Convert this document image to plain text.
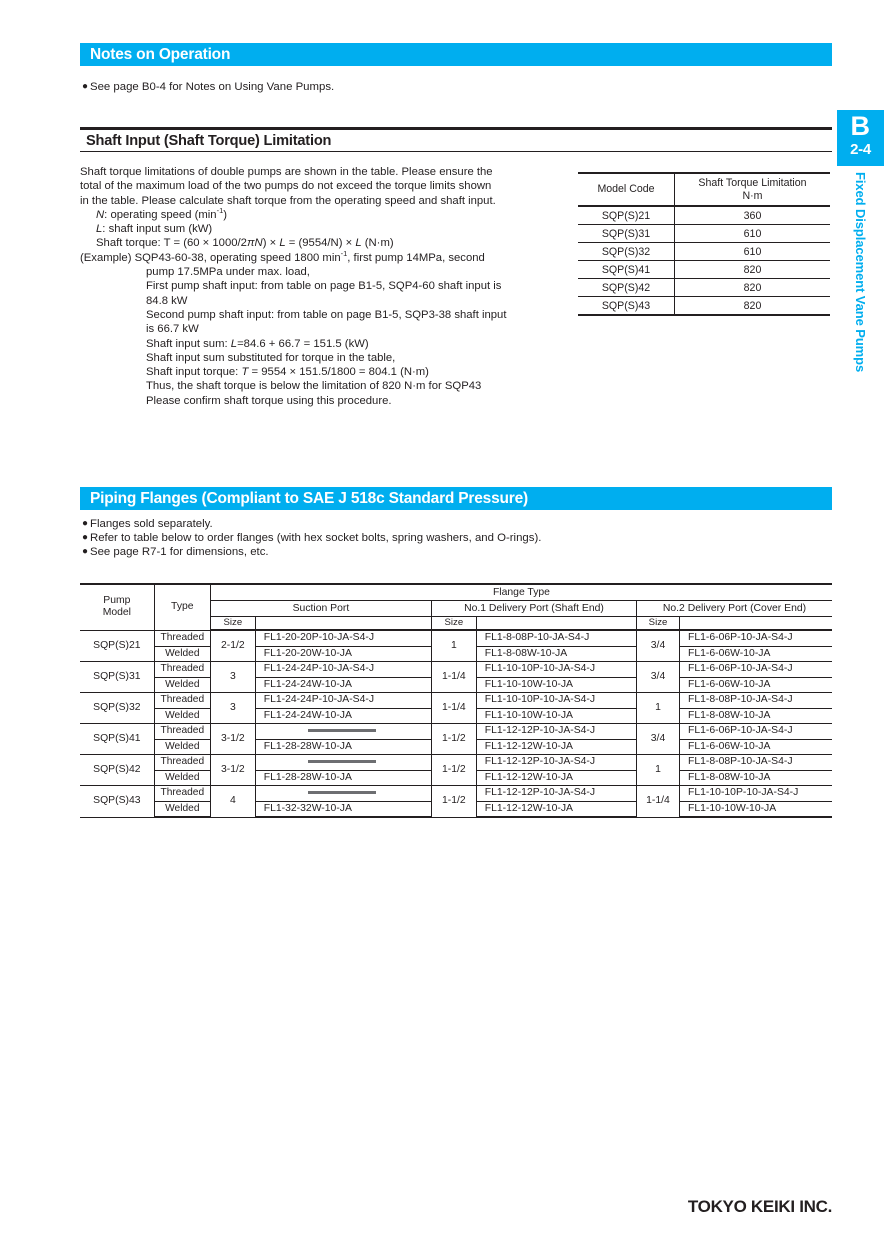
Notes on Operation
● See page B0-4 for Notes on Using Vane Pumps.
Shaft Input (Shaft Torque) Limitation
Shaft torque limitations of double pumps are shown in the table. Please ensure the
total of the maximum load of the two pumps do not exceed the torque limits shown
in the table. Please calculate shaft torque from the operating speed and shaft input.
N: operating speed $(\min^{-1})$
L: shaft input sum (kW)
Shaft torque: T = (60 × 1000/2πN) × L = (9554/N) × L (N·m)
(Example) SQP43-60-38, operating speed 1800 $\min^{-1}$, first pump 14MPa, second
pump 17.5MPa under max. load,
First pump shaft input: from table on page B1-5, SQP4-60 shaft input is
84.8 kW
Second pump shaft input: from table on page B1-5, SQP3-38 shaft input
is 66.7 kW
Shaft input sum: L=84.6 + 66.7 = 151.5 (kW)
Shaft input sum substituted for torque in the table,
Shaft input torque: T = 9554 × 151.5/1800 = 804.1 (N·m)
Thus, the shaft torque is below the limitation of 820 N·m for SQP43
Please confirm shaft torque using this procedure.
Model Code	Shaft Torque Limitation
N·m
SQP(S)21	360
SQP(S)31	610
SQP(S)32	610
SQP(S)41	820
SQP(S)42	820
SQP(S)43	820
Piping Flanges (Compliant to SAE J 518c Standard Pressure)
● Flanges sold separately.
● Refer to table below to order flanges (with hex socket bolts, spring washers, and O-rings).
● See page R7-1 for dimensions, etc.
Pump
Model	Type	Flange Type					
		Suction Port		No.1 Delivery Port (Shaft End)		No.2 Delivery Port (Cover End)	
		Size		Size		Size	
SQP(S)21	Threaded	2-1/2	FL1-20-20P-10-JA-S4-J	1	FL1-8-08P-10-JA-S4-J	3/4	FL1-6-06P-10-JA-S4-J
	Welded		FL1-20-20W-10-JA		FL1-8-08W-10-JA		FL1-6-06W-10-JA
SQP(S)31	Threaded	3	FL1-24-24P-10-JA-S4-J	1-1/4	FL1-10-10P-10-JA-S4-J	3/4	FL1-6-06P-10-JA-S4-J
	Welded		FL1-24-24W-10-JA		FL1-10-10W-10-JA		FL1-6-06W-10-JA
SQP(S)32	Threaded	3	FL1-24-24P-10-JA-S4-J	1-1/4	FL1-10-10P-10-JA-S4-J	1	FL1-8-08P-10-JA-S4-J
	Welded		FL1-24-24W-10-JA		FL1-10-10W-10-JA		FL1-8-08W-10-JA
SQP(S)41	Threaded	3-1/2		1-1/2	FL1-12-12P-10-JA-S4-J	3/4	FL1-6-06P-10-JA-S4-J
	Welded		FL1-28-28W-10-JA		FL1-12-12W-10-JA		FL1-6-06W-10-JA
SQP(S)42	Threaded	3-1/2		1-1/2	FL1-12-12P-10-JA-S4-J	1	FL1-8-08P-10-JA-S4-J
	Welded		FL1-28-28W-10-JA		FL1-12-12W-10-JA		FL1-8-08W-10-JA
SQP(S)43	Threaded	4		1-1/2	FL1-12-12P-10-JA-S4-J	1-1/4	FL1-10-10P-10-JA-S4-J
	Welded		FL1-32-32W-10-JA		FL1-12-12W-10-JA		FL1-10-10W-10-JA
B
2-4
Fixed Displacement Vane Pumps
TOKYO KEIKI INC.
